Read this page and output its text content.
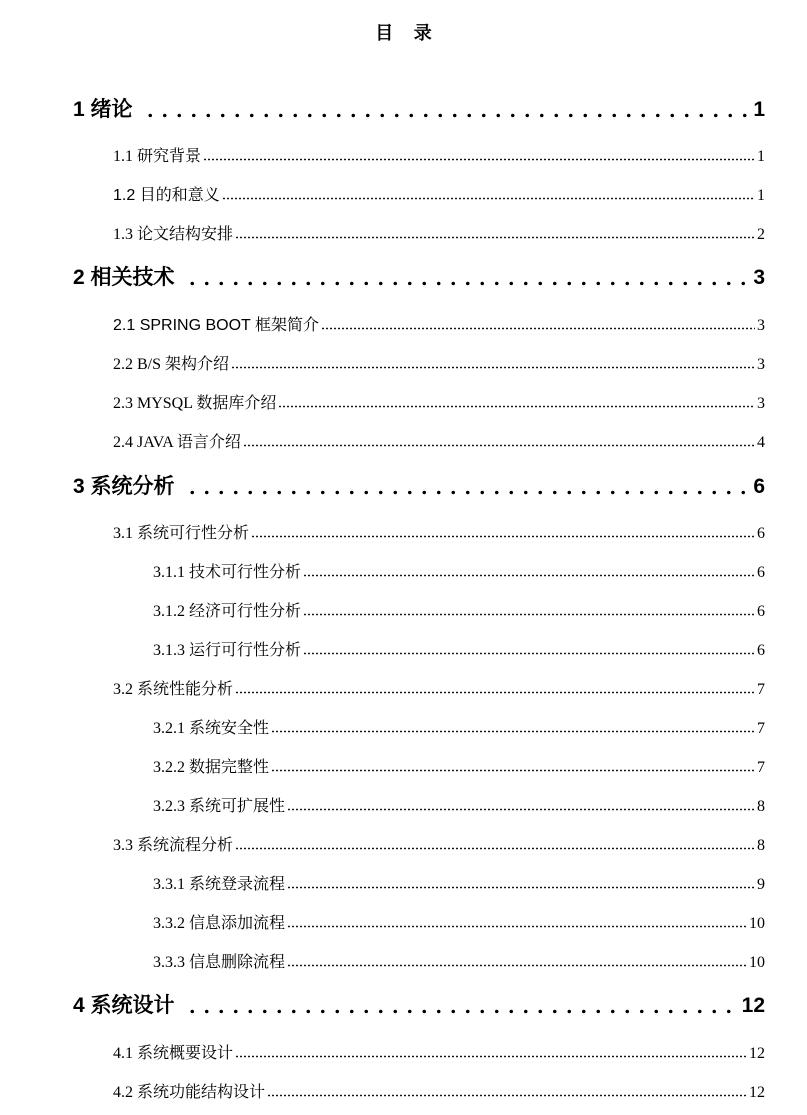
目 录
1 绪论	1
1.1 研究背景	1
1.2 目的和意义	1
1.3 论文结构安排	2
2 相关技术	3
2.1 SPRING BOOT 框架简介	3
2.2 B/S 架构介绍	3
2.3 MYSQL 数据库介绍	3
2.4 JAVA 语言介绍	4
3 系统分析	6
3.1 系统可行性分析	6
3.1.1 技术可行性分析	6
3.1.2 经济可行性分析	6
3.1.3 运行可行性分析	6
3.2 系统性能分析	7
3.2.1 系统安全性	7
3.2.2 数据完整性	7
3.2.3 系统可扩展性	8
3.3 系统流程分析	8
3.3.1 系统登录流程	9
3.3.2 信息添加流程	10
3.3.3 信息删除流程	10
4 系统设计	12
4.1 系统概要设计	12
4.2 系统功能结构设计	12
